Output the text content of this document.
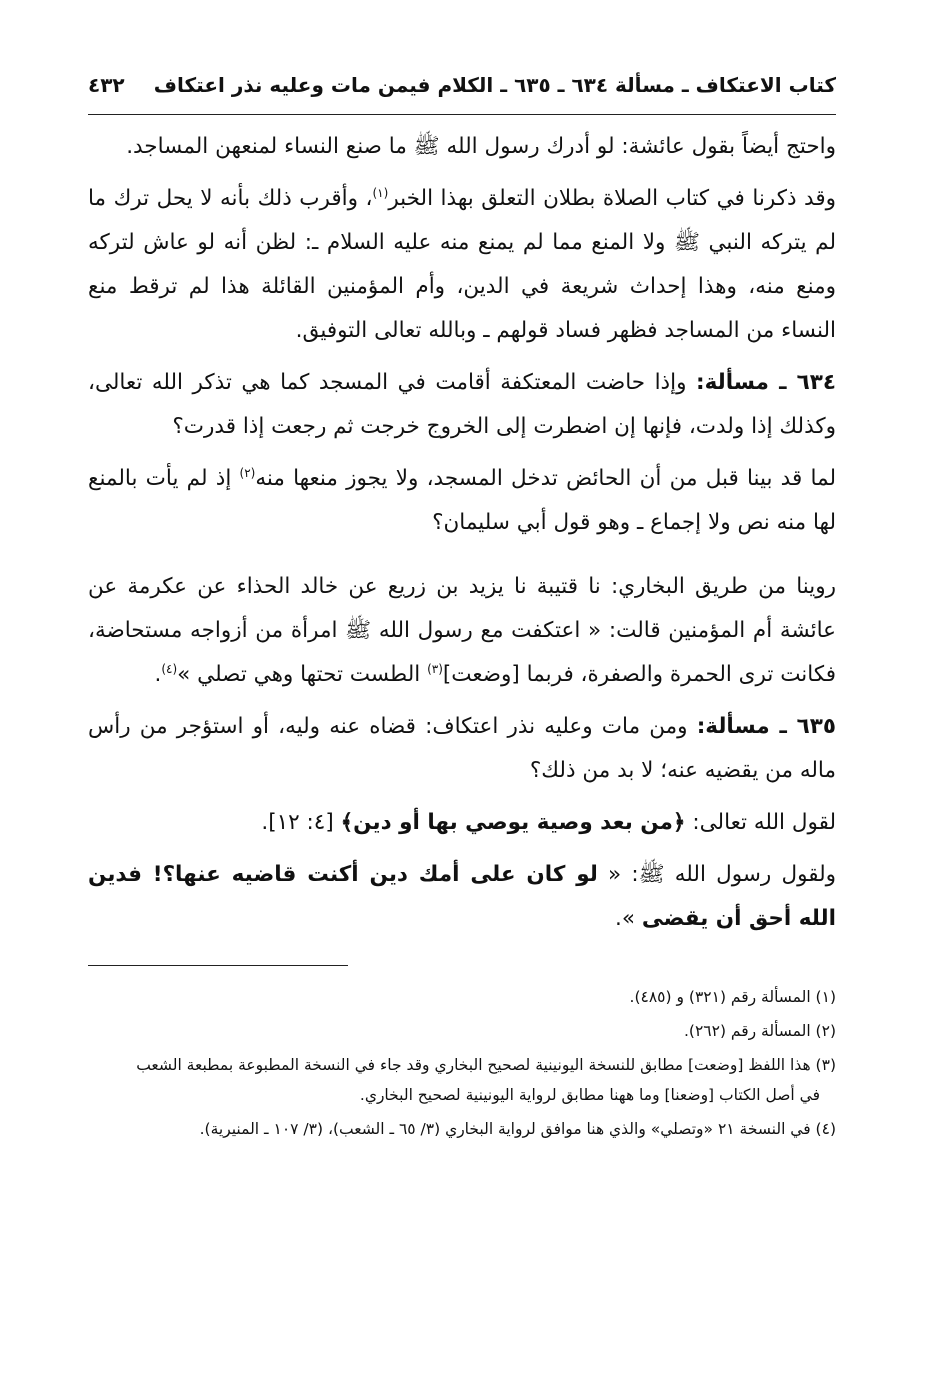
كتاب الاعتكاف ـ مسألة ٦٣٤ ـ ٦٣٥ ـ الكلام فيمن مات وعليه نذر اعتكاف
٤٣٢

واحتج أيضاً بقول عائشة: لو أدرك رسول الله ﷺ ما صنع النساء لمنعهن المساجد.

وقد ذكرنا في كتاب الصلاة بطلان التعلق بهذا الخبر$^{(١)}$، وأقرب ذلك بأنه لا يحل ترك ما لم يتركه النبي ﷺ ولا المنع مما لم يمنع منه عليه السلام ـ: لظن أنه لو عاش لتركه ومنع منه، وهذا إحداث شريعة في الدين، وأم المؤمنين القائلة هذا لم ترقط منع النساء من المساجد فظهر فساد قولهم ـ وبالله تعالى التوفيق.

٦٣٤ ـ مسألة: وإذا حاضت المعتكفة أقامت في المسجد كما هي تذكر الله تعالى، وكذلك إذا ولدت، فإنها إن اضطرت إلى الخروج خرجت ثم رجعت إذا قدرت؟

لما قد بينا قبل من أن الحائض تدخل المسجد، ولا يجوز منعها منه$^{(٢)}$ إذ لم يأت بالمنع لها منه نص ولا إجماع ـ وهو قول أبي سليمان؟

روينا من طريق البخاري: نا قتيبة نا يزيد بن زريع عن خالد الحذاء عن عكرمة عن عائشة أم المؤمنين قالت: « اعتكفت مع رسول الله ﷺ امرأة من أزواجه مستحاضة، فكانت ترى الحمرة والصفرة، فربما [وضعت]$^{(٣)}$ الطست تحتها وهي تصلي »$^{(٤)}$.

٦٣٥ ـ مسألة: ومن مات وعليه نذر اعتكاف: قضاه عنه وليه، أو استؤجر من رأس ماله من يقضيه عنه؛ لا بد من ذلك؟

لقول الله تعالى: ﴿من بعد وصية يوصي بها أو دين﴾ [٤: ١٢].

ولقول رسول الله ﷺ: « لو كان على أمك دين أكنت قاضيه عنها؟! فدين الله أحق أن يقضى ».

(١) المسألة رقم (٣٢١) و (٤٨٥).

(٢) المسألة رقم (٢٦٢).

(٣) هذا اللفظ [وضعت] مطابق للنسخة اليونينية لصحيح البخاري وقد جاء في النسخة المطبوعة بمطبعة الشعب
في أصل الكتاب [وضعنا] وما ههنا مطابق لرواية اليونينية لصحيح البخاري.

(٤) في النسخة ٢١ «وتصلي» والذي هنا موافق لرواية البخاري (٣/ ٦٥ ـ الشعب)، (٣/ ١٠٧ ـ المنيرية).
